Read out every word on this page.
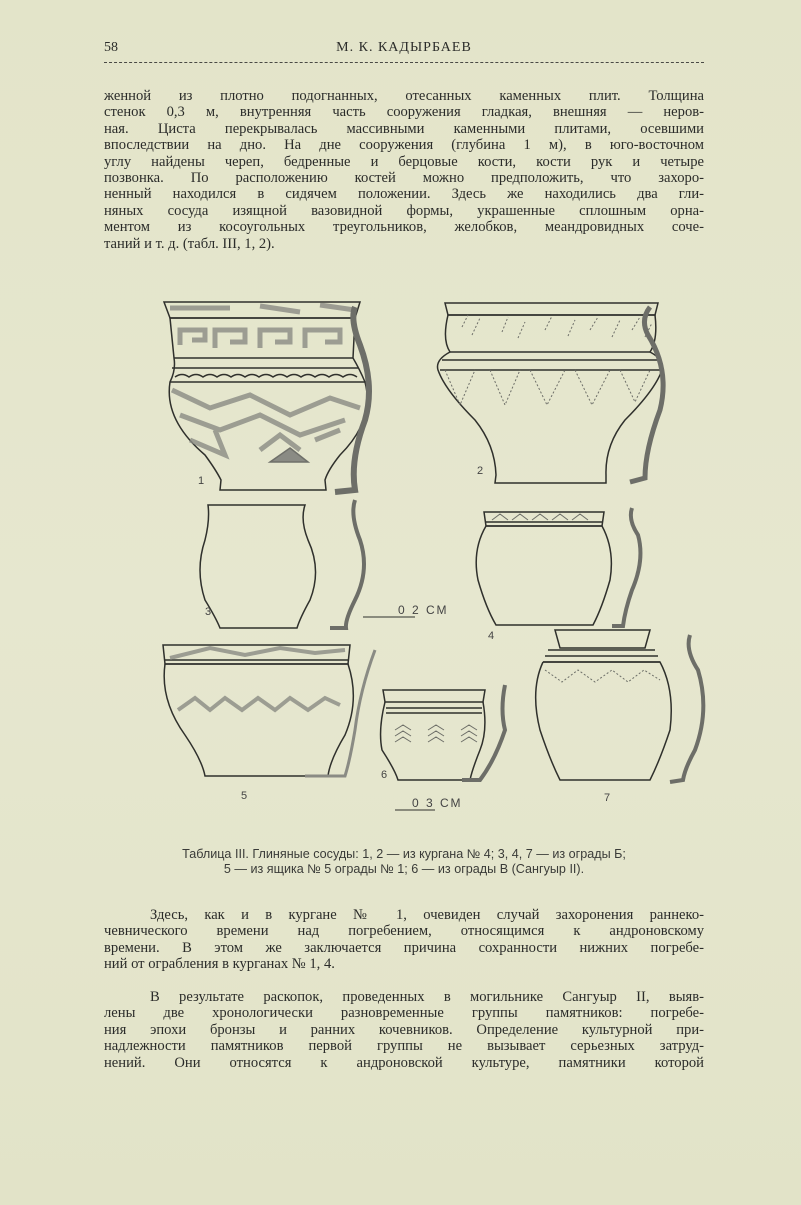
58	М. К. КАДЫРБАЕВ
женной из плотно подогнанных, отесанных каменных плит. Толщина
стенок 0,3 м, внутренняя часть сооружения гладкая, внешняя — неров-
ная. Циста перекрывалась массивными каменными плитами, осевшими
впоследствии на дно. На дне сооружения (глубина 1 м), в юго-восточном
углу найдены череп, бедренные и берцовые кости, кости рук и четыре
позвонка. По расположению костей можно предположить, что захоро-
ненный находился в сидячем положении. Здесь же находились два гли-
няных сосуда изящной вазовидной формы, украшенные сплошным орна-
ментом из косоугольных треугольников, желобков, меандровидных соче-
таний и т. д. (табл. III, 1, 2).
1
2
3
4
5
6
7
0 2 СМ
0 3 СМ
Таблица III. Глиняные сосуды: 1, 2 — из кургана № 4; 3, 4, 7 — из ограды Б;
5 — из ящика № 5 ограды № 1; 6 — из ограды В (Сангуыр II).
Здесь, как и в кургане № 1, очевиден случай захоронения раннеко-
чевнического времени над погребением, относящимся к андроновскому
времени. В этом же заключается причина сохранности нижних погребе-
ний от ограбления в курганах № 1, 4.
В результате раскопок, проведенных в могильнике Сангуыр II, выяв-
лены две хронологически разновременные группы памятников: погребе-
ния эпохи бронзы и ранних кочевников. Определение культурной при-
надлежности памятников первой группы не вызывает серьезных затруд-
нений. Они относятся к андроновской культуре, памятники которой
